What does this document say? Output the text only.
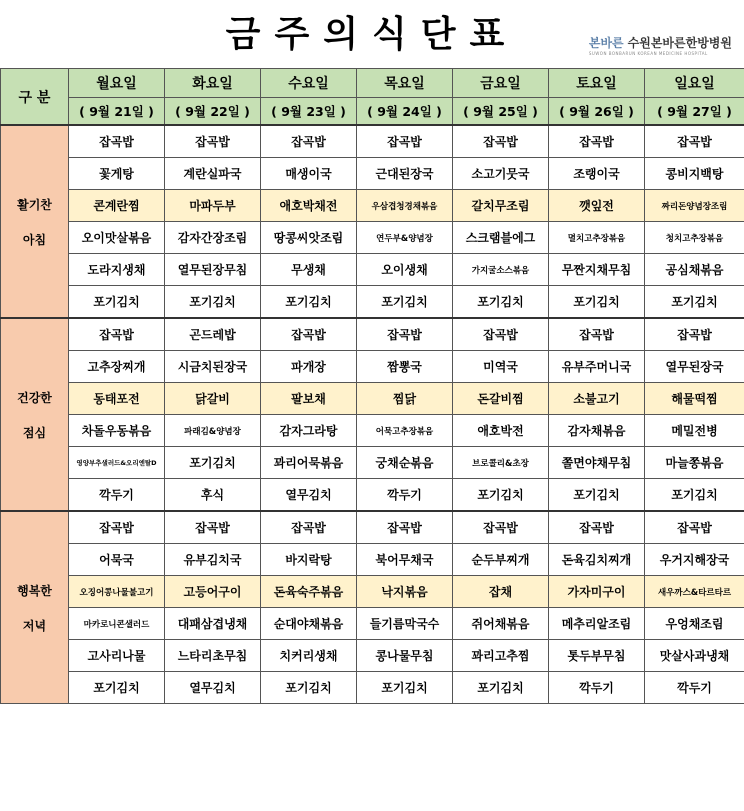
금주의식단표	본바른 수원본바른한방병원
SUWON BONBARUN KOREAN MEDICINE HOSPITAL
구 분	월요일	화요일	수요일	목요일	금요일	토요일	일요일
	( 9월 21일 )	( 9월 22일 )	( 9월 23일 )	( 9월 24일 )	( 9월 25일 )	( 9월 26일 )	( 9월 27일 )

활기찬
아침	잡곡밥	잡곡밥	잡곡밥	잡곡밥	잡곡밥	잡곡밥	잡곡밥
	꽃게탕	계란실파국	매생이국	근대된장국	소고기뭇국	조랭이국	콩비지백탕
	콘계란찜	마파두부	애호박채전	우삼겹청경채볶음	갈치무조림	깻잎전	짜리돈양념장조림
	오이맛살볶음	감자간장조림	땅콩씨앗조림	연두부&양념장	스크램블에그	멸치고추장볶음	청치고추장볶음
	도라지생채	열무된장무침	무생채	오이생채	가지굴소스볶음	무짠지채무침	공심채볶음
	포기김치	포기김치	포기김치	포기김치	포기김치	포기김치	포기김치

건강한
점심	잡곡밥	곤드레밥	잡곡밥	잡곡밥	잡곡밥	잡곡밥	잡곡밥
	고추장찌개	시금치된장국	파개장	짬뽕국	미역국	유부주머니국	열무된장국
	동태포전	닭갈비	팔보채	찜닭	돈갈비찜	소불고기	해물떡찜
	차돌우동볶음	파래김&양념장	감자그라탕	어묵고추장볶음	애호박전	감자채볶음	메밀전병
	영양부추샐러드&오리엔탈D	포기김치	꽈리어묵볶음	궁채순볶음	브로콜리&초장	쫄면야채무침	마늘쫑볶음
	깍두기	후식	열무김치	깍두기	포기김치	포기김치	포기김치

행복한
저녁	잡곡밥	잡곡밥	잡곡밥	잡곡밥	잡곡밥	잡곡밥	잡곡밥
	어묵국	유부김치국	바지락탕	북어무채국	순두부찌개	돈육김치찌개	우거지해장국
	오징어콩나물불고기	고등어구이	돈육숙주볶음	낙지볶음	잡채	가자미구이	새우까스&타르타르
	마카로니콘샐러드	대패삼겹냉채	순대야채볶음	들기름막국수	쥐어채볶음	메추리알조림	우엉채조림
	고사리나물	느타리초무침	치커리생채	콩나물무침	꽈리고추찜	톳두부무침	맛살사과냉채
	포기김치	열무김치	포기김치	포기김치	포기김치	깍두기	깍두기
